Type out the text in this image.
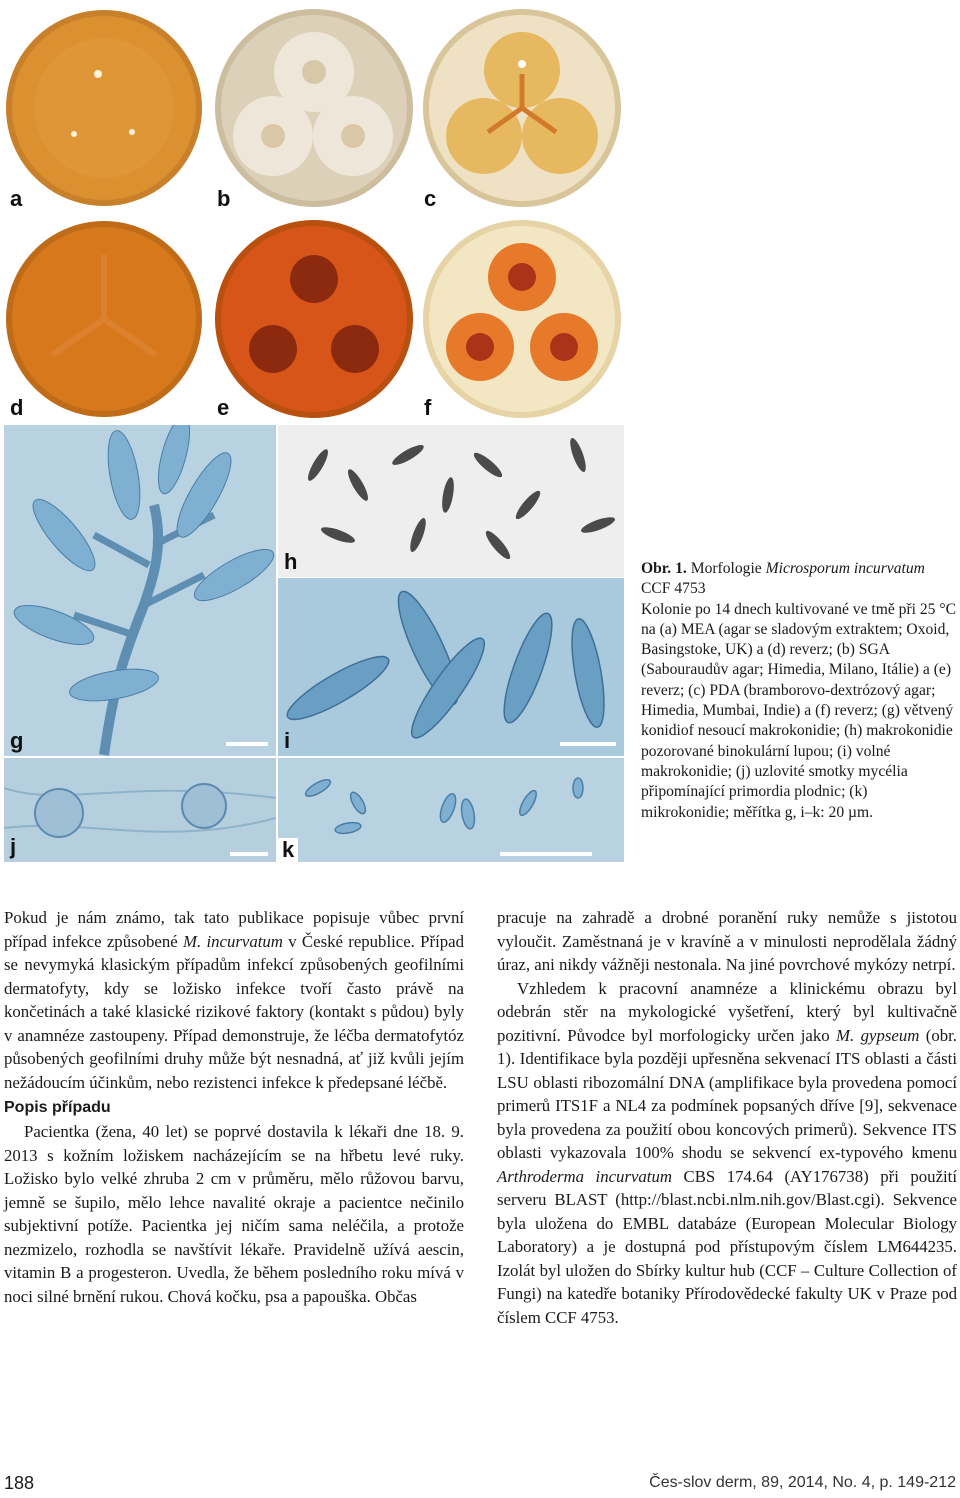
a	b	c
d	e	f
g
h
i
j	k
Obr. 1. Morfologie Microsporum incurvatum CCF 4753
Kolonie po 14 dnech kultivované ve tmě při 25 °C na (a) MEA (agar se sladovým extraktem; Oxoid, Basingstoke, UK) a (d) reverz; (b) SGA (Sabouraudův agar; Himedia, Milano, Itálie) a (e) reverz; (c) PDA (bramborovo-dextrózový agar; Himedia, Mumbai, Indie) a (f) reverz; (g) větvený konidiof nesoucí makrokonidie; (h) makrokonidie pozorované binokulární lupou; (i) volné makrokonidie; (j) uzlovité smotky mycélia připomínající primordia plodnic; (k) mikrokonidie; měřítka g, i–k: 20 µm.

Pokud je nám známo, tak tato publikace popisuje vůbec první případ infekce způsobené M. incurvatum v České republice. Případ se nevymyká klasickým případům infekcí způsobených geofilními dermatofyty, kdy se ložisko infekce tvoří často právě na končetinách a také klasické rizikové faktory (kontakt s půdou) byly v anamnéze zastoupeny. Případ demonstruje, že léčba dermatofytóz působených geofilními druhy může být nesnadná, ať již kvůli jejím nežádoucím účinkům, nebo rezistenci infekce k předepsané léčbě.

Popis případu

Pacientka (žena, 40 let) se poprvé dostavila k lékaři dne 18. 9. 2013 s kožním ložiskem nacházejícím se na hřbetu levé ruky. Ložisko bylo velké zhruba 2 cm v průměru, mělo růžovou barvu, jemně se šupilo, mělo lehce navalité okraje a pacientce nečinilo subjektivní potíže. Pacientka jej ničím sama neléčila, a protože nezmizelo, rozhodla se navštívit lékaře. Pravidelně užívá aescin, vitamin B a progesteron. Uvedla, že během posledního roku mívá v noci silné brnění rukou. Chová kočku, psa a papouška. Občas

pracuje na zahradě a drobné poranění ruky nemůže s jistotou vyloučit. Zaměstnaná je v kravíně a v minulosti neprodělala žádný úraz, ani nikdy vážněji nestonala. Na jiné povrchové mykózy netrpí.

Vzhledem k pracovní anamnéze a klinickému obrazu byl odebrán stěr na mykologické vyšetření, který byl kultivačně pozitivní. Původce byl morfologicky určen jako M. gypseum (obr. 1). Identifikace byla později upřesněna sekvenací ITS oblasti a části LSU oblasti ribozomální DNA (amplifikace byla provedena pomocí primerů ITS1F a NL4 za podmínek popsaných dříve [9], sekvenace byla provedena za použití obou koncových primerů). Sekvence ITS oblasti vykazovala 100% shodu se sekvencí ex-typového kmenu Arthroderma incurvatum CBS 174.64 (AY176738) při použití serveru BLAST (http://blast.ncbi.nlm.nih.gov/Blast.cgi). Sekvence byla uložena do EMBL databáze (European Molecular Biology Laboratory) a je dostupná pod přístupovým číslem LM644235. Izolát byl uložen do Sbírky kultur hub (CCF – Culture Collection of Fungi) na katedře botaniky Přírodovědecké fakulty UK v Praze pod číslem CCF 4753.

188	Čes-slov derm, 89, 2014, No. 4, p. 149-212
